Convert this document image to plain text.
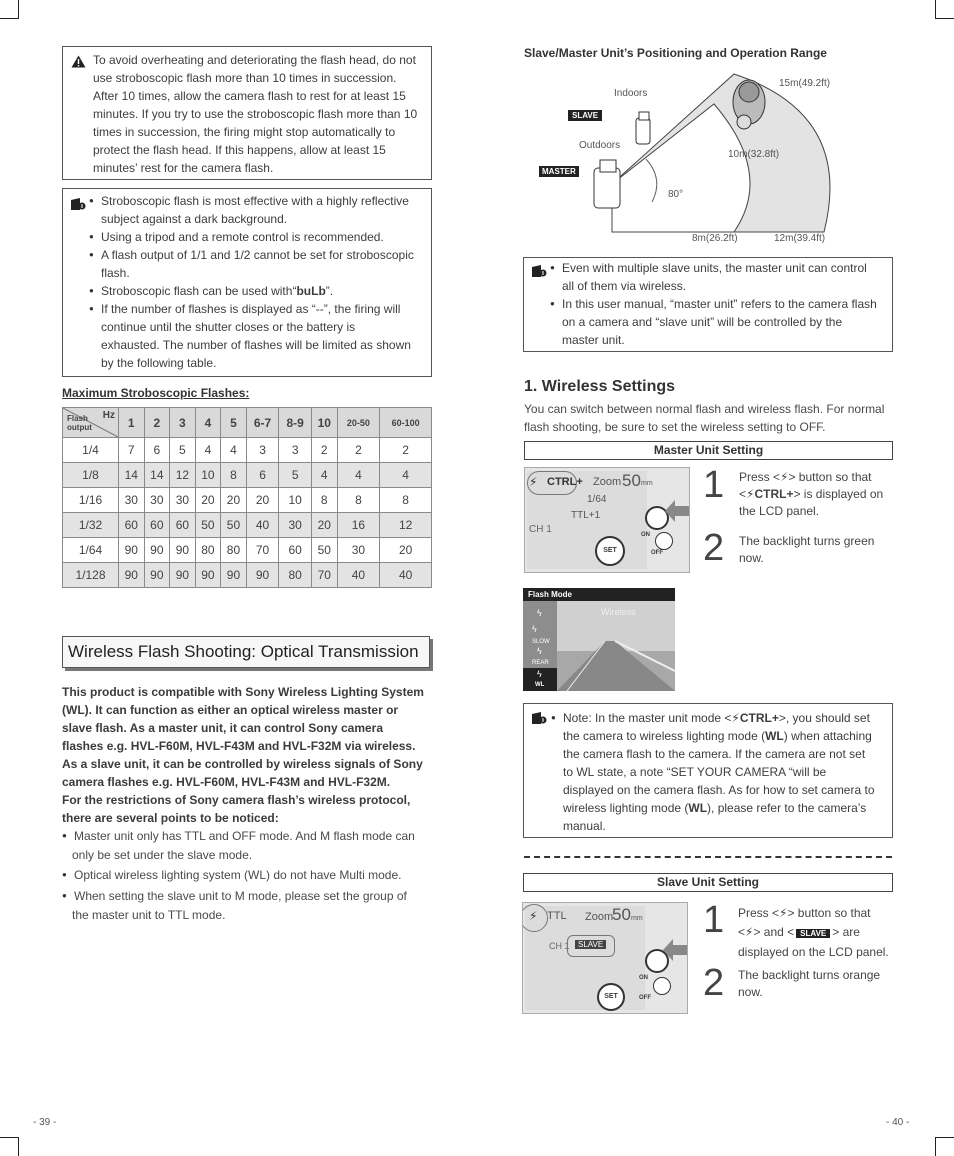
To avoid overheating and deteriorating the flash head, do not
use stroboscopic flash more than 10 times in succession.
After 10 times, allow the camera flash to rest for at least 15
minutes. If you try to use the stroboscopic flash more than 10
times in succession, the firing might stop automatically to
protect the flash head. If this happens, allow at least 15
minutes’ rest for the camera flash.
● Stroboscopic flash is most effective with a highly reflective
subject against a dark background.
● Using a tripod and a remote control is recommended.
● A flash output of 1/1 and 1/2 cannot be set for stroboscopic
flash.
● Stroboscopic flash can be used with“buLb”.
● If the number of flashes is displayed as “--”, the firing will
continue until the shutter closes or the battery is
exhausted. The number of flashes will be limited as shown
by the following table.
Maximum Stroboscopic Flashes:
Hz
Flash
output	1	2	3	4	5	6-7	8-9	10	20-50	60-100
1/4	7	6	5	4	4	3	3	2	2	2
1/8	14	14	12	10	8	6	5	4	4	4
1/16	30	30	30	20	20	20	10	8	8	8
1/32	60	60	60	50	50	40	30	20	16	12
1/64	90	90	90	80	80	70	60	50	30	20
1/128	90	90	90	90	90	90	80	70	40	40
Wireless Flash Shooting: Optical Transmission
This product is compatible with Sony Wireless Lighting System
(WL). It can function as either an optical wireless master or
slave flash. As a master unit, it can control Sony camera
flashes e.g. HVL-F60M, HVL-F43M and HVL-F32M via wireless.
As a slave unit, it can be controlled by wireless signals of Sony
camera flashes e.g. HVL-F60M, HVL-F43M and HVL-F32M.
For the restrictions of Sony camera flash’s wireless protocol,
there are several points to be noticed:
● Master unit only has TTL and OFF mode. And M flash mode can
only be set under the slave mode.
● Optical wireless lighting system (WL) do not have Multi mode.
● When setting the slave unit to M mode, please set the group of
the master unit to TTL mode.
- 39 -
Slave/Master Unit’s Positioning and Operation Range
SLAVE
MASTER
Indoors
Outdoors
15m(49.2ft)
10m(32.8ft)
80°
8m(26.2ft)	12m(39.4ft)
● Even with multiple slave units, the master unit can control
all of them via wireless.
● In this user manual, “master unit” refers to the camera flash
on a camera and “slave unit” will be controlled by the
master unit.
1. Wireless Settings
You can switch between normal flash and wireless flash. For normal
flash shooting, be sure to set the wireless setting to OFF.
Master Unit Setting
⚡ CTRL+ Zoom 50 mm
1/64
CH 1
TTL+1
SET
ON
OFF
1 Press <⚡> button so that
<⚡CTRL+> is displayed on
the LCD panel.
2 The backlight turns green
now.
Flash Mode
ϟ
ϟ
SLOW
ϟ
REAR
ϟ
WL
Wireless
● Note: In the master unit mode <⚡CTRL+>, you should set
the camera to wireless lighting mode (WL) when attaching
the camera flash to the camera. If the camera are not set
to WL state, a note “SET YOUR CAMERA “will be
displayed on the camera flash. As for how to set camera to
wireless lighting mode (WL), please refer to the camera’s
manual.
Slave Unit Setting
⚡ TTL Zoom
50 mm
CH 1	SLAVE
SET
ON
OFF
1 Press <⚡> button so that
<⚡> and < SLAVE > are
displayed on the LCD panel.
2 The backlight turns orange
now.
- 40 -
